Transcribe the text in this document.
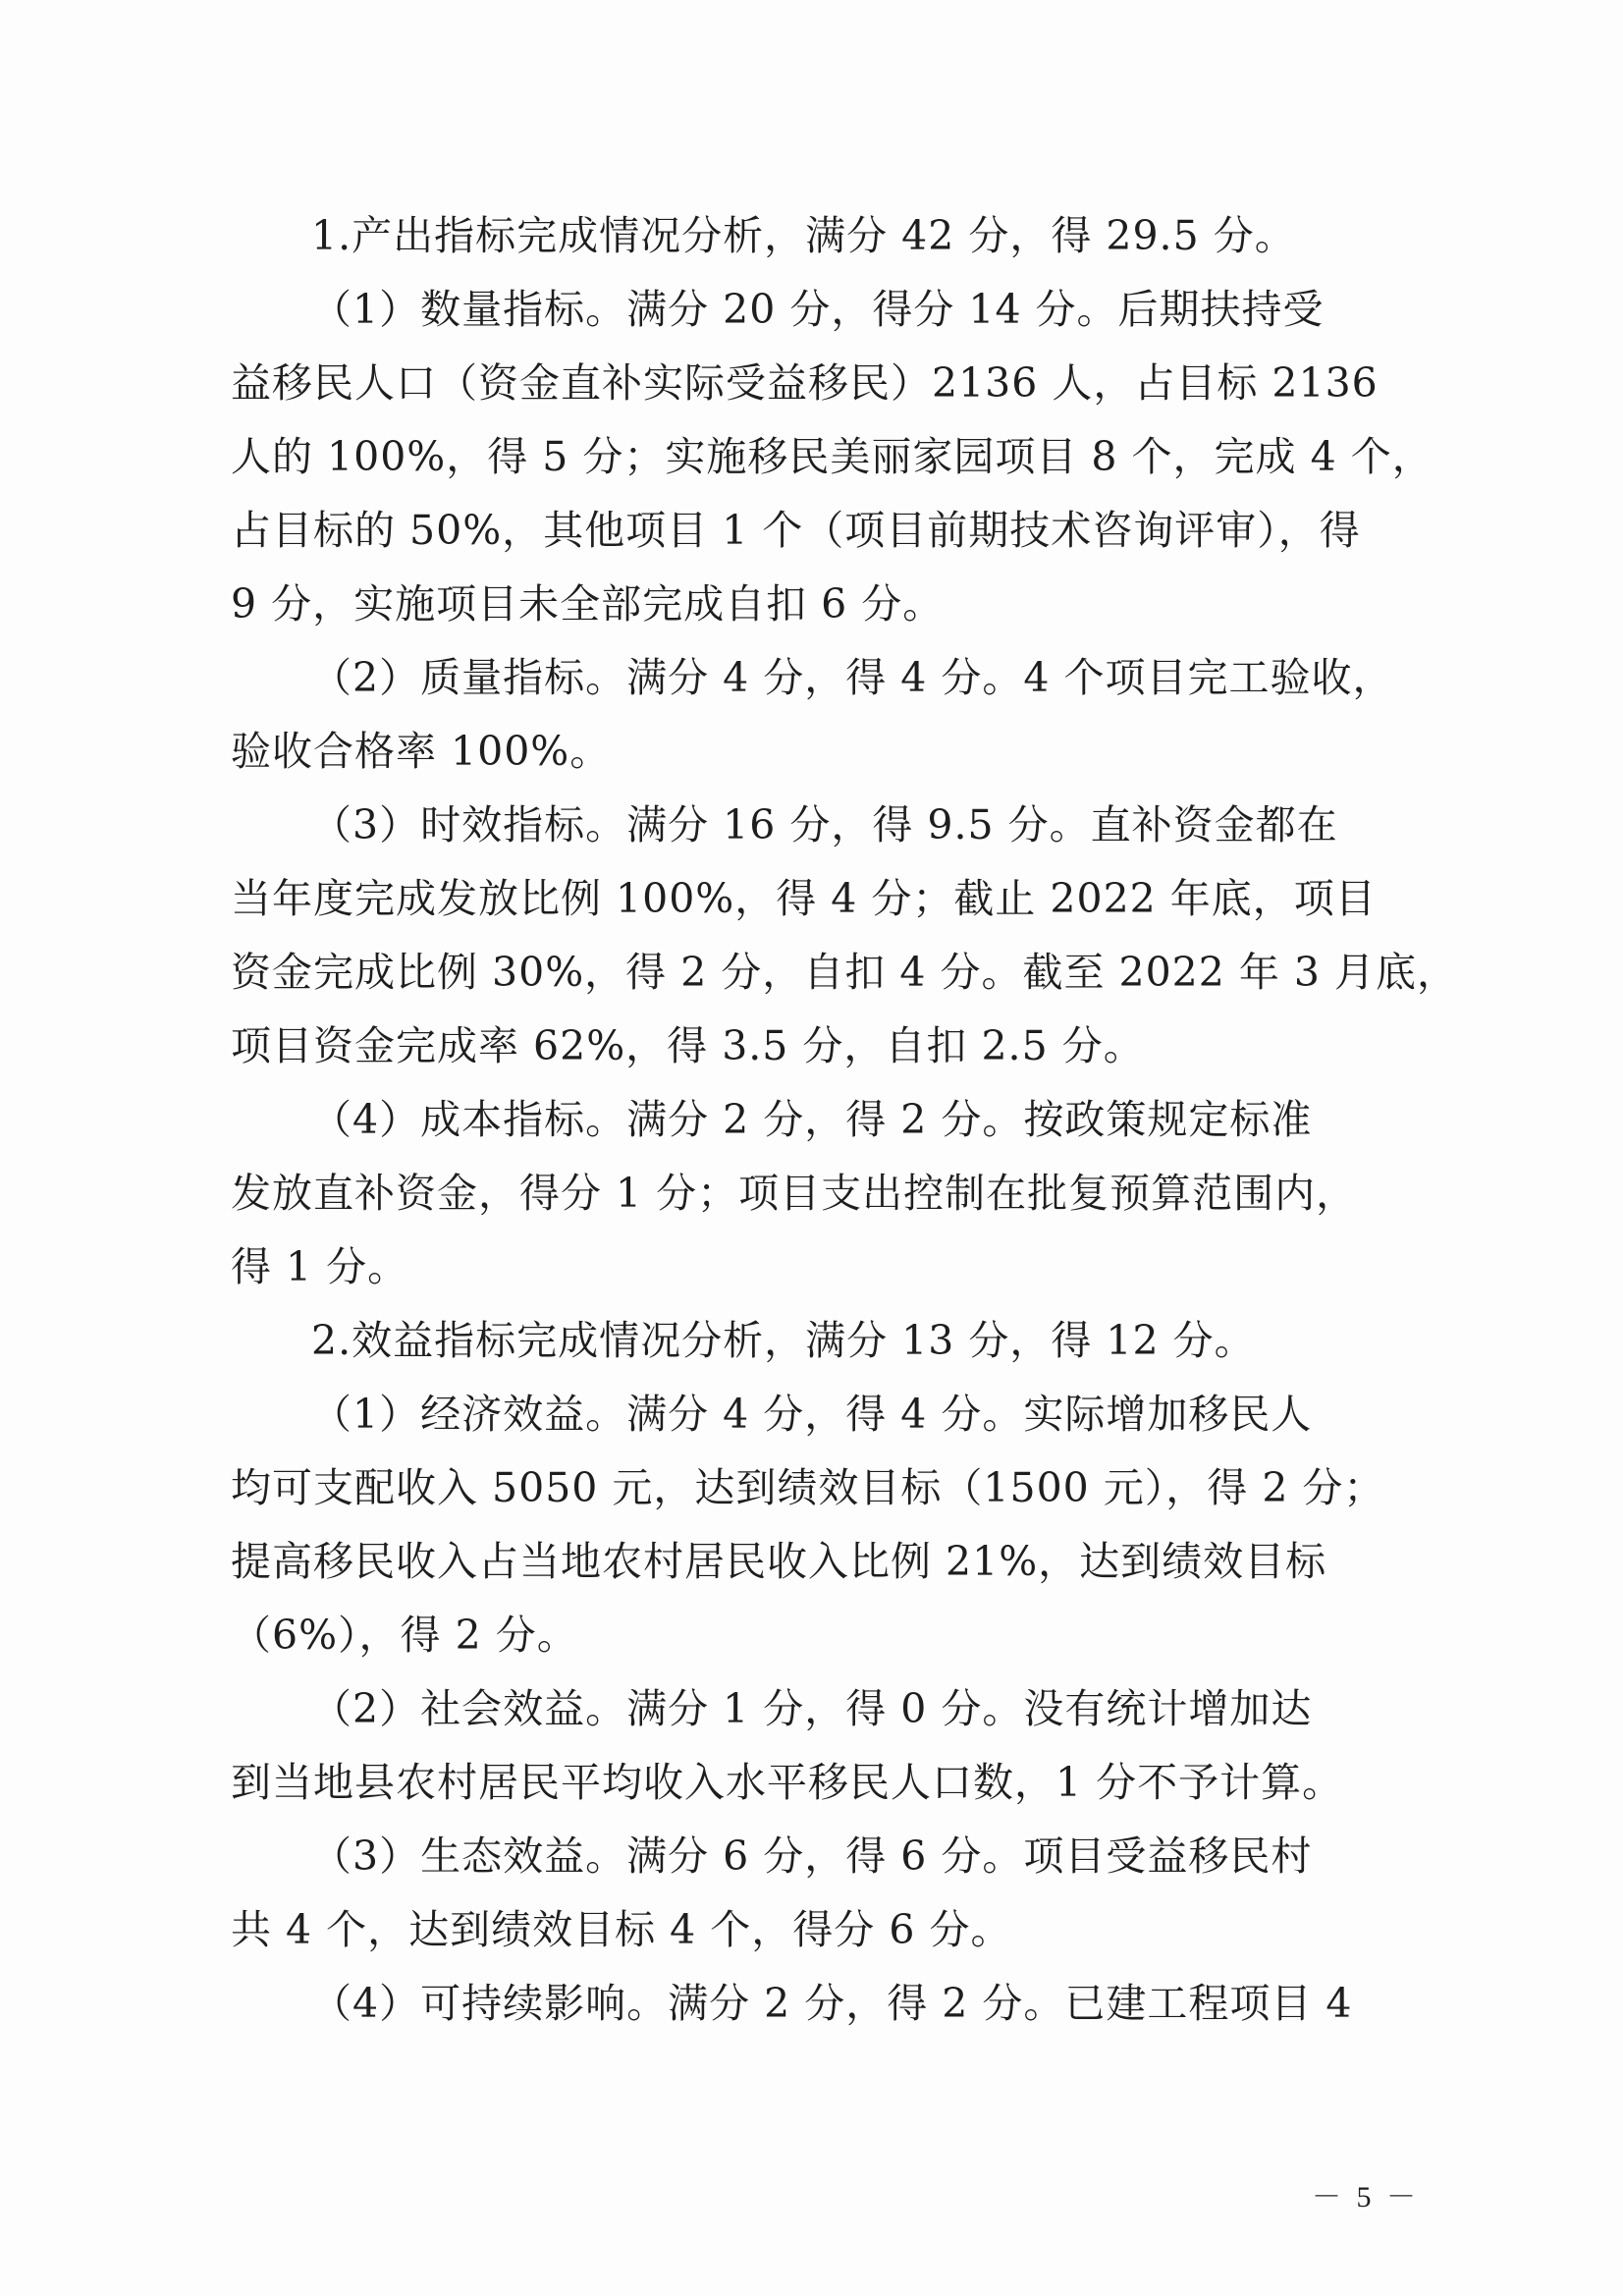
1.产出指标完成情况分析，满分 42 分，得 29.5 分。
（1）数量指标。满分 20 分，得分 14 分。后期扶持受
益移民人口（资金直补实际受益移民）2136 人，占目标 2136
人的 100%，得 5 分；实施移民美丽家园项目 8 个，完成 4 个，
占目标的 50%，其他项目 1 个（项目前期技术咨询评审），得
9 分，实施项目未全部完成自扣 6 分。
（2）质量指标。满分 4 分，得 4 分。4 个项目完工验收，
验收合格率 100%。
（3）时效指标。满分 16 分，得 9.5 分。直补资金都在
当年度完成发放比例 100%，得 4 分；截止 2022 年底，项目
资金完成比例 30%，得 2 分，自扣 4 分。截至 2022 年 3 月底，
项目资金完成率 62%，得 3.5 分，自扣 2.5 分。
（4）成本指标。满分 2 分，得 2 分。按政策规定标准
发放直补资金，得分 1 分；项目支出控制在批复预算范围内，
得 1 分。
2.效益指标完成情况分析，满分 13 分，得 12 分。
（1）经济效益。满分 4 分，得 4 分。实际增加移民人
均可支配收入 5050 元，达到绩效目标（1500 元），得 2 分；
提高移民收入占当地农村居民收入比例 21%，达到绩效目标
（6%），得 2 分。
（2）社会效益。满分 1 分，得 0 分。没有统计增加达
到当地县农村居民平均收入水平移民人口数，1 分不予计算。
（3）生态效益。满分 6 分，得 6 分。项目受益移民村
共 4 个，达到绩效目标 4 个，得分 6 分。
（4）可持续影响。满分 2 分，得 2 分。已建工程项目 4
－ 5 －
